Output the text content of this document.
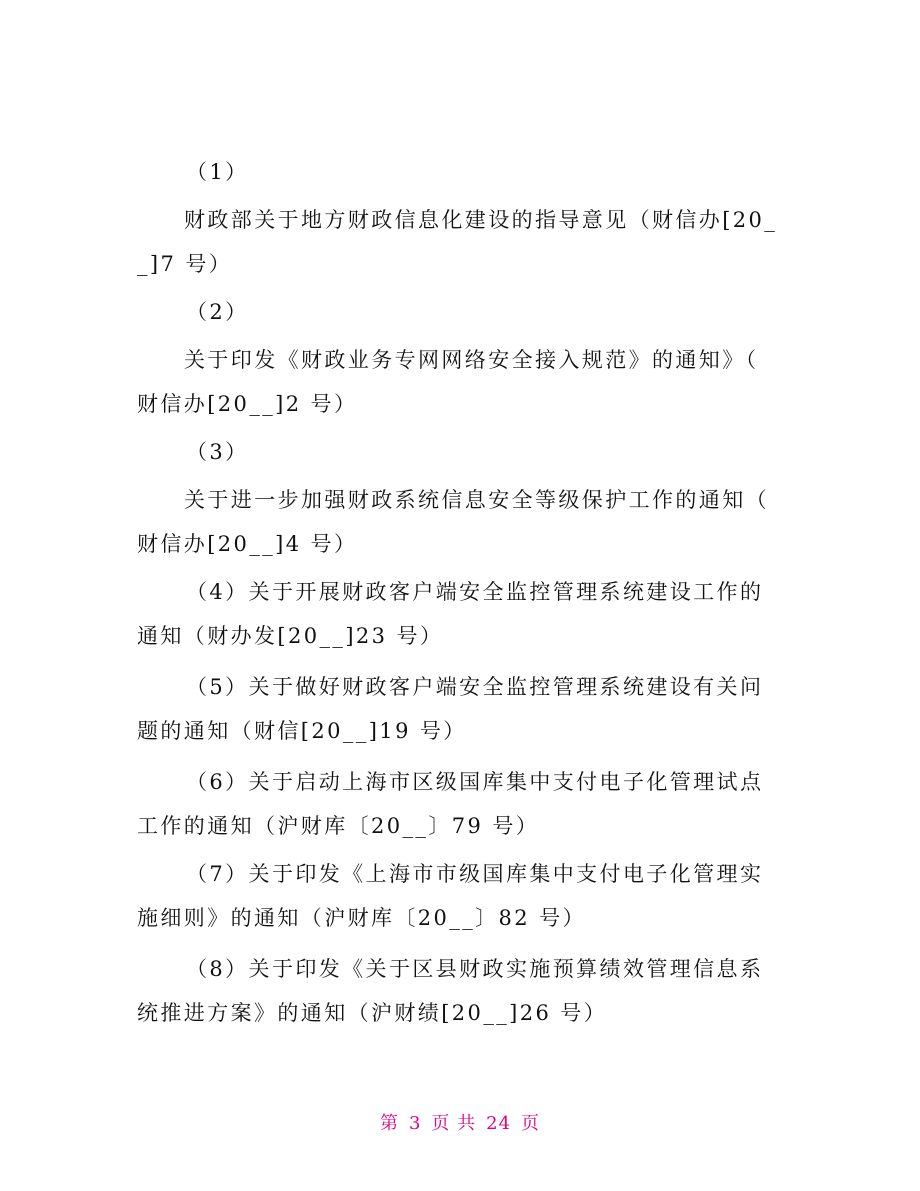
（1）
财政部关于地方财政信息化建设的指导意见（财信办[20_
_]7 号）
（2）
关于印发《财政业务专网网络安全接入规范》的通知》（
财信办[20__]2 号）
（3）
关于进一步加强财政系统信息安全等级保护工作的通知（
财信办[20__]4 号）
（4）关于开展财政客户端安全监控管理系统建设工作的
通知（财办发[20__]23 号）
（5）关于做好财政客户端安全监控管理系统建设有关问
题的通知（财信[20__]19 号）
（6）关于启动上海市区级国库集中支付电子化管理试点
工作的通知（沪财库〔20__〕79 号）
（7）关于印发《上海市市级国库集中支付电子化管理实
施细则》的通知（沪财库〔20__〕82 号）
（8）关于印发《关于区县财政实施预算绩效管理信息系
统推进方案》的通知（沪财绩[20__]26 号）
第 3 页 共 24 页
